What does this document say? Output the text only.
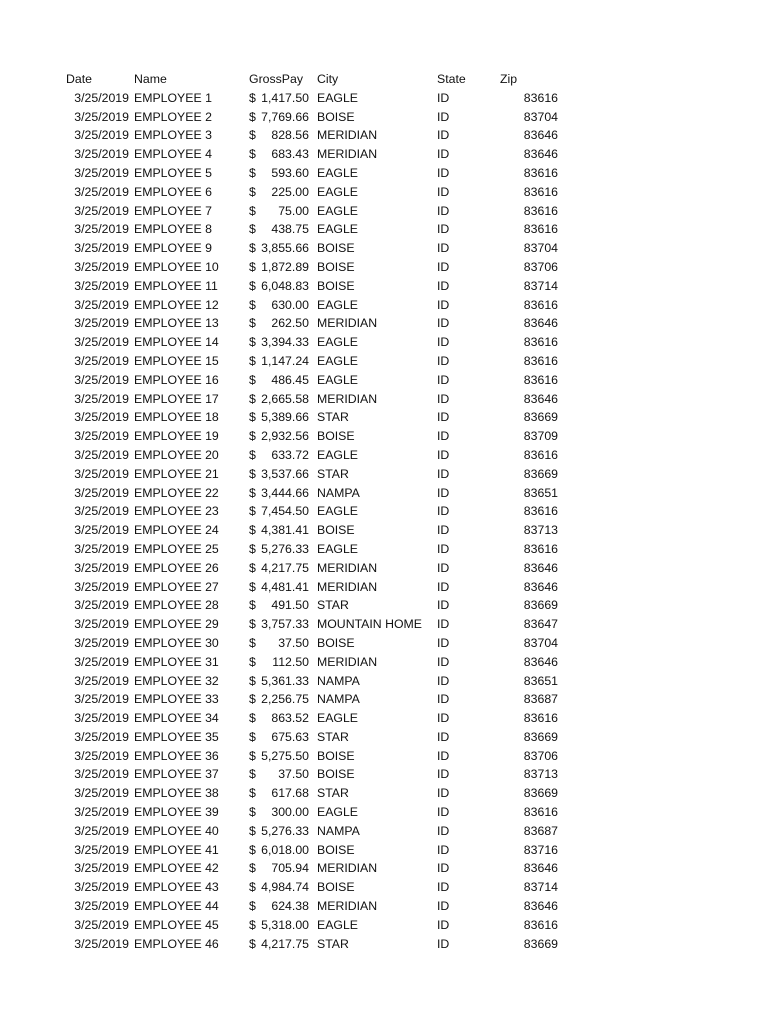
Date	Name	GrossPay City	State	Zip
3/25/2019 EMPLOYEE 1	$ 1,417.50 EAGLE	ID	83616
3/25/2019 EMPLOYEE 2	$ 7,769.66 BOISE	ID	83704
3/25/2019 EMPLOYEE 3	$	828.56 MERIDIAN	ID	83646
3/25/2019 EMPLOYEE 4	$	683.43 MERIDIAN	ID	83646
3/25/2019 EMPLOYEE 5	$	593.60 EAGLE	ID	83616
3/25/2019 EMPLOYEE 6	$	225.00 EAGLE	ID	83616
3/25/2019 EMPLOYEE 7	$	75.00 EAGLE	ID	83616
3/25/2019 EMPLOYEE 8	$	438.75 EAGLE	ID	83616
3/25/2019 EMPLOYEE 9	$ 3,855.66 BOISE	ID	83704
3/25/2019 EMPLOYEE 10 $ 1,872.89 BOISE	ID	83706
3/25/2019 EMPLOYEE 11	$ 6,048.83 BOISE	ID	83714
3/25/2019 EMPLOYEE 12 $	630.00 EAGLE	ID	83616
3/25/2019 EMPLOYEE 13 $	262.50 MERIDIAN	ID	83646
3/25/2019 EMPLOYEE 14 $ 3,394.33 EAGLE	ID	83616
3/25/2019 EMPLOYEE 15 $ 1,147.24 EAGLE	ID	83616
3/25/2019 EMPLOYEE 16 $	486.45 EAGLE	ID	83616
3/25/2019 EMPLOYEE 17 $ 2,665.58 MERIDIAN	ID	83646
3/25/2019 EMPLOYEE 18 $ 5,389.66 STAR	ID	83669
3/25/2019 EMPLOYEE 19 $ 2,932.56 BOISE	ID	83709
3/25/2019 EMPLOYEE 20 $	633.72 EAGLE	ID	83616
3/25/2019 EMPLOYEE 21 $ 3,537.66 STAR	ID	83669
3/25/2019 EMPLOYEE 22 $ 3,444.66 NAMPA	ID	83651
3/25/2019 EMPLOYEE 23 $ 7,454.50 EAGLE	ID	83616
3/25/2019 EMPLOYEE 24 $ 4,381.41 BOISE	ID	83713
3/25/2019 EMPLOYEE 25 $ 5,276.33 EAGLE	ID	83616
3/25/2019 EMPLOYEE 26 $ 4,217.75 MERIDIAN	ID	83646
3/25/2019 EMPLOYEE 27 $ 4,481.41 MERIDIAN	ID	83646
3/25/2019 EMPLOYEE 28 $	491.50 STAR	ID	83669
3/25/2019 EMPLOYEE 29 $ 3,757.33 MOUNTAIN HOME ID	83647
3/25/2019 EMPLOYEE 30 $	37.50 BOISE	ID	83704
3/25/2019 EMPLOYEE 31 $	112.50 MERIDIAN	ID	83646
3/25/2019 EMPLOYEE 32 $ 5,361.33 NAMPA	ID	83651
3/25/2019 EMPLOYEE 33 $ 2,256.75 NAMPA	ID	83687
3/25/2019 EMPLOYEE 34 $	863.52 EAGLE	ID	83616
3/25/2019 EMPLOYEE 35 $	675.63 STAR	ID	83669
3/25/2019 EMPLOYEE 36 $ 5,275.50 BOISE	ID	83706
3/25/2019 EMPLOYEE 37 $	37.50 BOISE	ID	83713
3/25/2019 EMPLOYEE 38 $	617.68 STAR	ID	83669
3/25/2019 EMPLOYEE 39 $	300.00 EAGLE	ID	83616
3/25/2019 EMPLOYEE 40 $ 5,276.33 NAMPA	ID	83687
3/25/2019 EMPLOYEE 41 $ 6,018.00 BOISE	ID	83716
3/25/2019 EMPLOYEE 42 $	705.94 MERIDIAN	ID	83646
3/25/2019 EMPLOYEE 43 $ 4,984.74 BOISE	ID	83714
3/25/2019 EMPLOYEE 44 $	624.38 MERIDIAN	ID	83646
3/25/2019 EMPLOYEE 45 $ 5,318.00 EAGLE	ID	83616
3/25/2019 EMPLOYEE 46 $ 4,217.75 STAR	ID	83669
